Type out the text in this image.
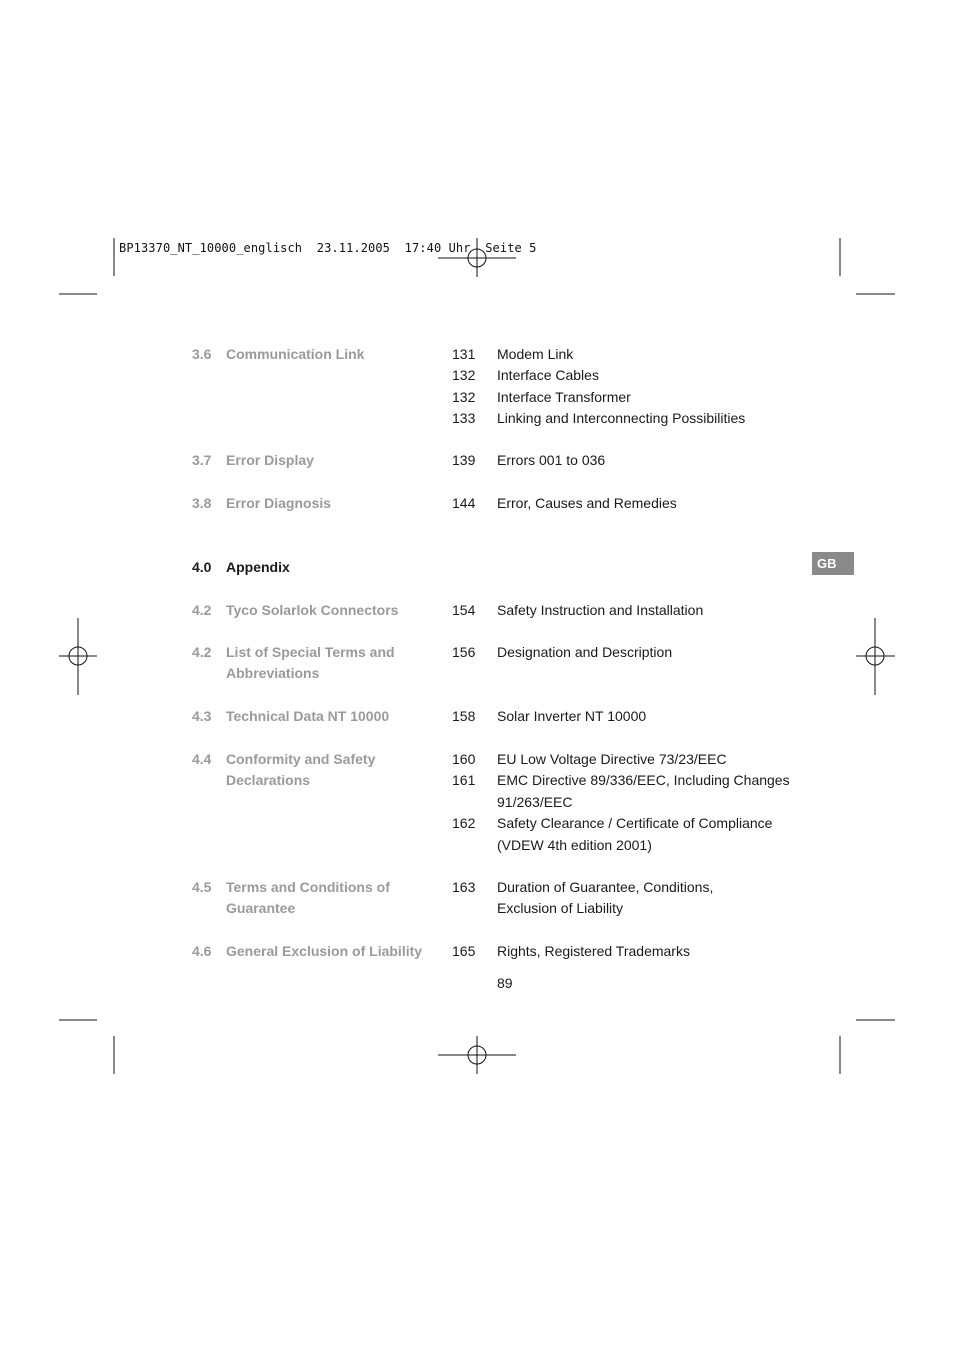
BP13370_NT_10000_englisch  23.11.2005  17:40 Uhr  Seite 5
GB
3.6	Communication Link	131	Modem Link
132	Interface Cables
132	Interface Transformer
133	Linking and Interconnecting Possibilities
3.7	Error Display	139	Errors 001 to 036
3.8	Error Diagnosis	144	Error, Causes and Remedies
4.0	Appendix
4.2	Tyco Solarlok Connectors	154	Safety Instruction and Installation
4.2	List of Special Terms and
Abbreviations
156	Designation and Description
4.3	Technical Data NT 10000	158	Solar Inverter NT 10000
4.4	Conformity and Safety
Declarations
160	EU Low Voltage Directive 73/23/EEC
161	EMC Directive 89/336/EEC, Including Changes
91/263/EEC
162	Safety Clearance / Certificate of Compliance
(VDEW 4th edition 2001)
4.5	Terms and Conditions of
Guarantee
163	Duration of Guarantee, Conditions,
Exclusion of Liability
4.6	General Exclusion of Liability	165	Rights, Registered Trademarks
89
